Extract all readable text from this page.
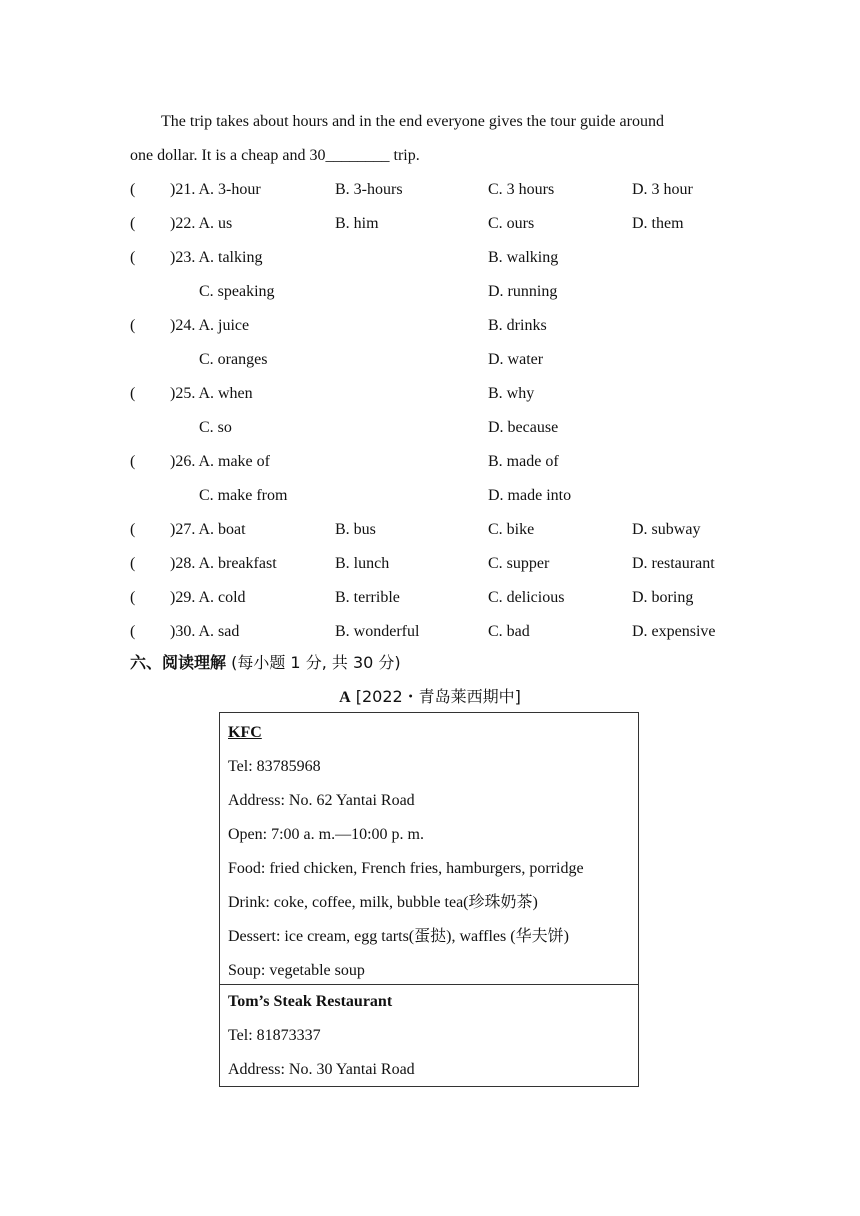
The trip takes about hours and in the end everyone gives the tour guide around
one dollar. It is a cheap and 30________ trip.
( )21. A. 3-hour	B. 3-hours	C. 3 hours	D. 3 hour
( )22. A. us	B. him	C. ours	D. them
( )23. A. talking	B. walking
C. speaking	D. running
( )24. A. juice	B. drinks
C. oranges	D. water
( )25. A. when	B. why
C. so	D. because
( )26. A. make of	B. made of
C. make from	D. made into
( )27. A. boat	B. bus	C. bike	D. subway
( )28. A. breakfast	B. lunch	C. supper	D. restaurant
( )29. A. cold	B. terrible	C. delicious	D. boring
( )30. A. sad	B. wonderful	C. bad	D. expensive
六、阅读理解 (每小题 1 分, 共 30 分)
A [2022・青岛莱西期中]
KFC
Tel: 83785968
Address: No. 62 Yantai Road
Open: 7:00 a. m.—10:00 p. m.
Food: fried chicken, French fries, hamburgers, porridge
Drink: coke, coffee, milk, bubble tea(珍珠奶茶)
Dessert: ice cream, egg tarts(蛋挞), waffles (华夫饼)
Soup: vegetable soup
Tom’s Steak Restaurant
Tel: 81873337
Address: No. 30 Yantai Road
